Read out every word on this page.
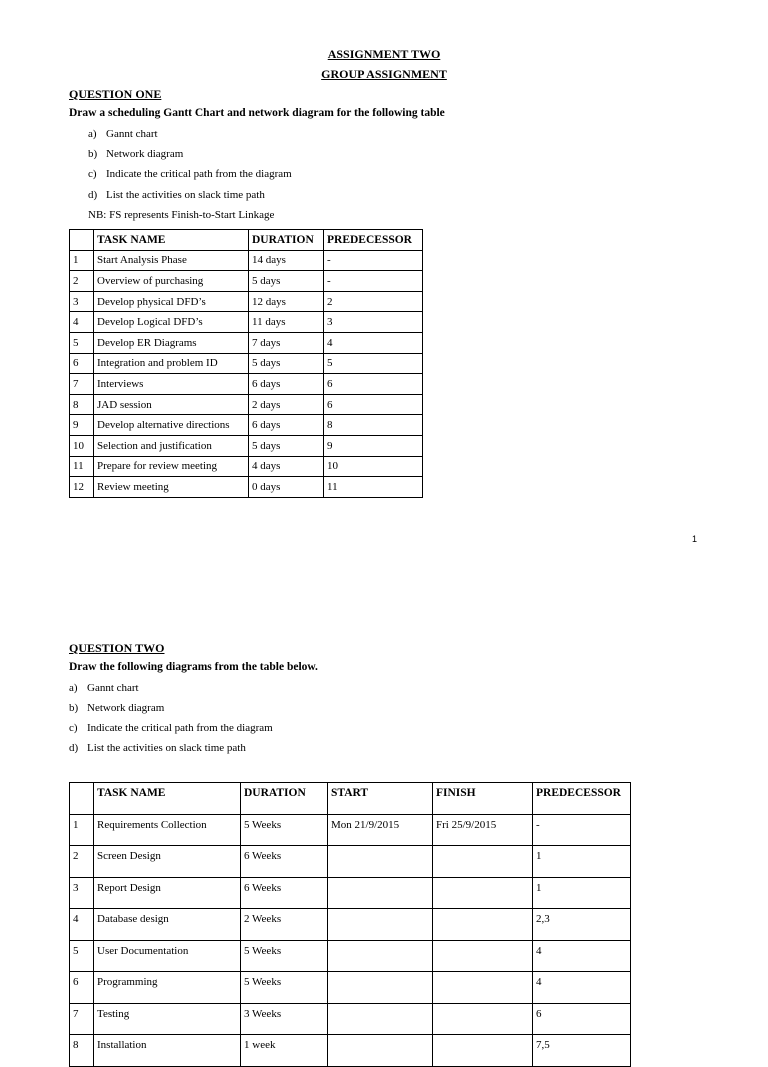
ASSIGNMENT TWO
GROUP ASSIGNMENT
QUESTION ONE
Draw a scheduling Gantt Chart and network diagram for the following table
a) Gannt chart
b) Network diagram
c) Indicate the critical path from the diagram
d) List the activities on slack time path
NB: FS represents Finish-to-Start Linkage
	TASK NAME	DURATION	PREDECESSOR
1	Start Analysis Phase	14 days	-
2	Overview of purchasing	5 days	-
3	Develop physical DFD’s	12 days	2
4	Develop Logical DFD’s	11 days	3
5	Develop ER Diagrams	7 days	4
6	Integration and problem ID	5 days	5
7	Interviews	6 days	6
8	JAD session	2 days	6
9	Develop alternative directions	6 days	8
10	Selection and justification	5 days	9
11	Prepare for review meeting	4 days	10
12	Review meeting	0 days	11
1
QUESTION TWO
Draw the following diagrams from the table below.
a) Gannt chart
b) Network diagram
c) Indicate the critical path from the diagram
d) List the activities on slack time path
	TASK NAME	DURATION	START	FINISH	PREDECESSOR
1	Requirements Collection	5 Weeks	Mon 21/9/2015	Fri 25/9/2015	-
2	Screen Design	6 Weeks			1
3	Report Design	6 Weeks			1
4	Database design	2 Weeks			2,3
5	User Documentation	5 Weeks			4
6	Programming	5 Weeks			4
7	Testing	3 Weeks			6
8	Installation	1 week			7,5
